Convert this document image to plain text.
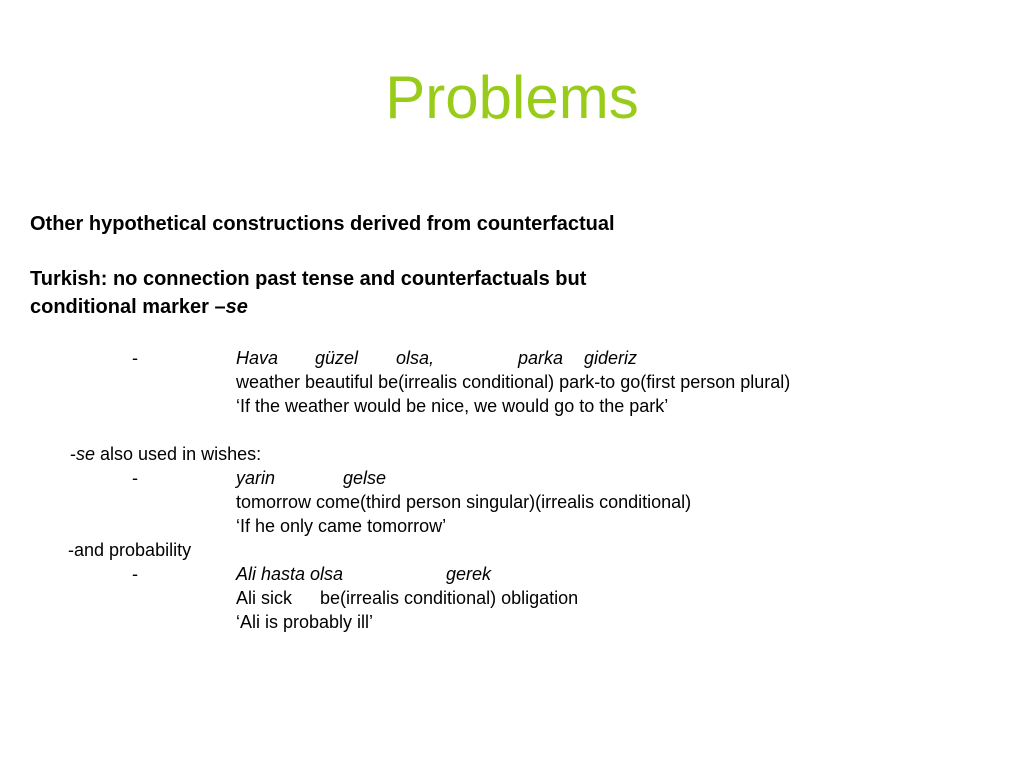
Problems
Other hypothetical constructions derived from counterfactual
Turkish: no connection past tense and counterfactuals but
conditional marker –se
-	Hava güzel olsa,	parka gideriz
weather beautiful be(irrealis conditional) park-to go(first person plural)
‘If the weather would be nice, we would go to the park’
-se also used in wishes:
-	yarin	gelse
tomorrow come(third person singular)(irrealis conditional)
‘If he only came tomorrow’
-and probability
-	Ali hasta olsa	gerek
Ali sick be(irrealis conditional) obligation
‘Ali is probably ill’
